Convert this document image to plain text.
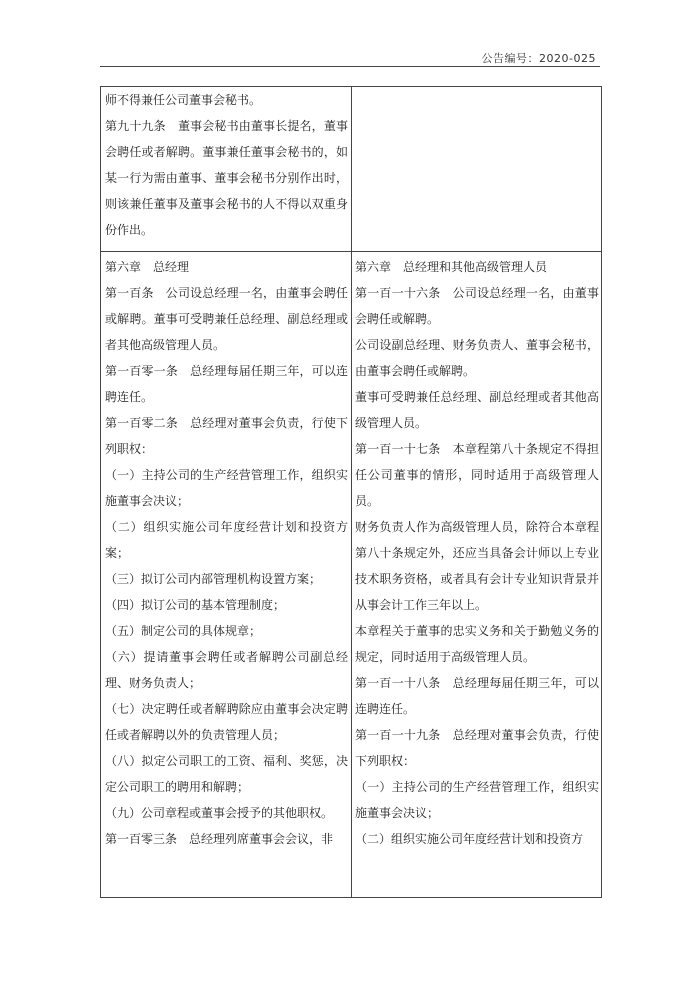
公告编号：2020-025

师不得兼任公司董事会秘书。

第九十九条　董事会秘书由董事长提名，董事会聘任或者解聘。董事兼任董事会秘书的，如某一行为需由董事、董事会秘书分别作出时，则该兼任董事及董事会秘书的人不得以双重身份作出。

第六章　总经理

第一百条　公司设总经理一名，由董事会聘任或解聘。董事可受聘兼任总经理、副总经理或者其他高级管理人员。

第一百零一条　总经理每届任期三年，可以连聘连任。

第一百零二条　总经理对董事会负责，行使下列职权：

（一）主持公司的生产经营管理工作，组织实施董事会决议；

（二）组织实施公司年度经营计划和投资方案；

（三）拟订公司内部管理机构设置方案；

（四）拟订公司的基本管理制度；

（五）制定公司的具体规章；

（六）提请董事会聘任或者解聘公司副总经理、财务负责人；

（七）决定聘任或者解聘除应由董事会决定聘任或者解聘以外的负责管理人员；

（八）拟定公司职工的工资、福利、奖惩，决定公司职工的聘用和解聘；

（九）公司章程或董事会授予的其他职权。

第一百零三条　总经理列席董事会会议，非

第六章　总经理和其他高级管理人员

第一百一十六条　公司设总经理一名，由董事会聘任或解聘。

公司设副总经理、财务负责人、董事会秘书，由董事会聘任或解聘。

董事可受聘兼任总经理、副总经理或者其他高级管理人员。

第一百一十七条　本章程第八十条规定不得担任公司董事的情形，同时适用于高级管理人员。

财务负责人作为高级管理人员，除符合本章程第八十条规定外，还应当具备会计师以上专业技术职务资格，或者具有会计专业知识背景并从事会计工作三年以上。

本章程关于董事的忠实义务和关于勤勉义务的规定，同时适用于高级管理人员。

第一百一十八条　总经理每届任期三年，可以连聘连任。

第一百一十九条　总经理对董事会负责，行使下列职权：

（一）主持公司的生产经营管理工作，组织实施董事会决议；

（二）组织实施公司年度经营计划和投资方
